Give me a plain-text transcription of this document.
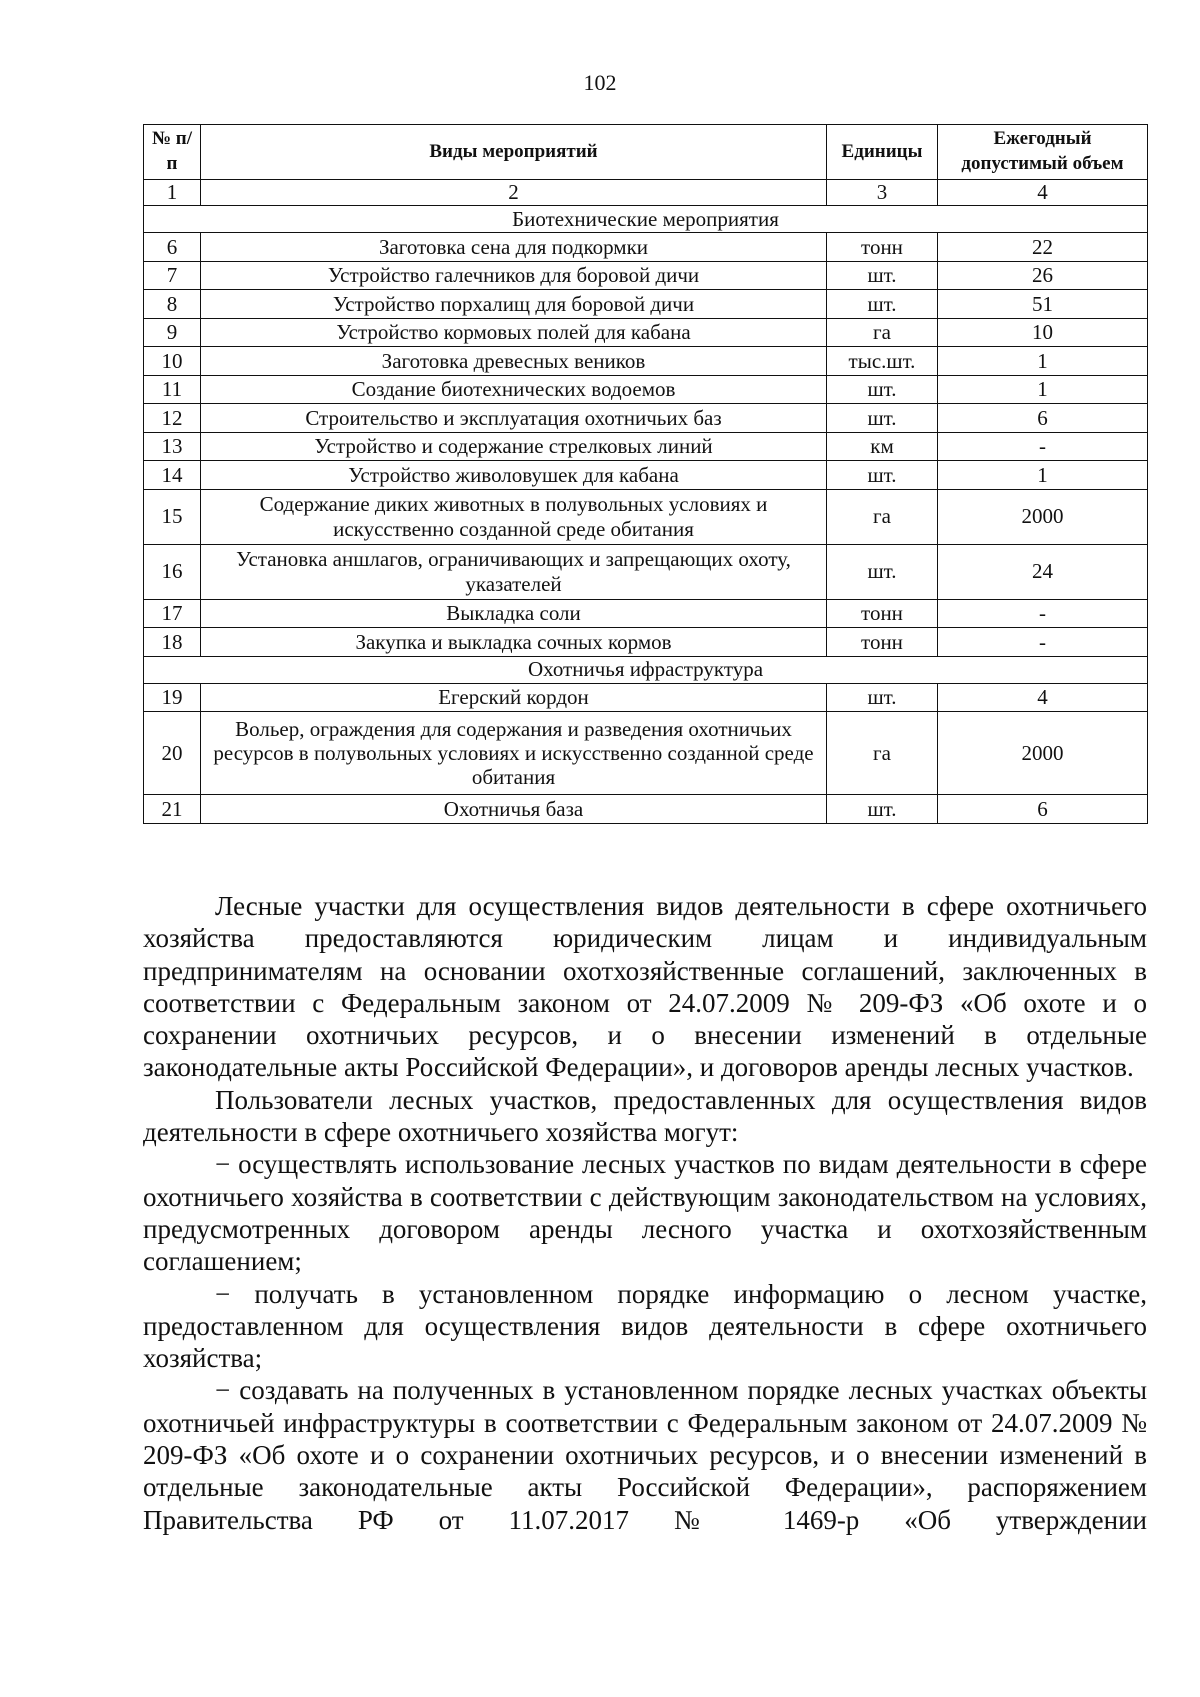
102
№ п/п	Виды мероприятий	Единицы	Ежегодный допустимый объем
1	2	3	4
Биотехнические мероприятия			
6	Заготовка сена для подкормки	тонн	22
7	Устройство галечников для боровой дичи	шт.	26
8	Устройство порхалищ для боровой дичи	шт.	51
9	Устройство кормовых полей для кабана	га	10
10	Заготовка древесных веников	тыс.шт.	1
11	Создание биотехнических водоемов	шт.	1
12	Строительство и эксплуатация охотничьих баз	шт.	6
13	Устройство и содержание стрелковых линий	км	-
14	Устройство живоловушек для кабана	шт.	1
15	Содержание диких животных в полувольных условиях и искусственно созданной среде обитания	га	2000
16	Установка аншлагов, ограничивающих и запрещающих охоту, указателей	шт.	24
17	Выкладка соли	тонн	-
18	Закупка и выкладка сочных кормов	тонн	-
Охотничья ифраструктура			
19	Егерский кордон	шт.	4
20	Вольер, ограждения для содержания и разведения охотничьих ресурсов в полувольных условиях и искусственно созданной среде обитания	га	2000
21	Охотничья база	шт.	6

Лесные участки для осуществления видов деятельности в сфере охотничьего хозяйства предоставляются юридическим лицам и индивидуальным предпринимателям на основании охотхозяйственные соглашений, заключенных в соответствии с Федеральным законом от 24.07.2009 № 209-ФЗ «Об охоте и о сохранении охотничьих ресурсов, и о внесении изменений в отдельные законодательные акты Российской Федерации», и договоров аренды лесных участков.

Пользователи лесных участков, предоставленных для осуществления видов деятельности в сфере охотничьего хозяйства могут:

− осуществлять использование лесных участков по видам деятельности в сфере охотничьего хозяйства в соответствии с действующим законодательством на условиях, предусмотренных договором аренды лесного участка и охотхозяйственным соглашением;

− получать в установленном порядке информацию о лесном участке, предоставленном для осуществления видов деятельности в сфере охотничьего хозяйства;

− создавать на полученных в установленном порядке лесных участках объекты охотничьей инфраструктуры в соответствии с Федеральным законом от 24.07.2009 № 209-ФЗ «Об охоте и о сохранении охотничьих ресурсов, и о внесении изменений в отдельные законодательные акты Российской Федерации», распоряжением Правительства РФ от 11.07.2017 № 1469-р «Об утверждении
